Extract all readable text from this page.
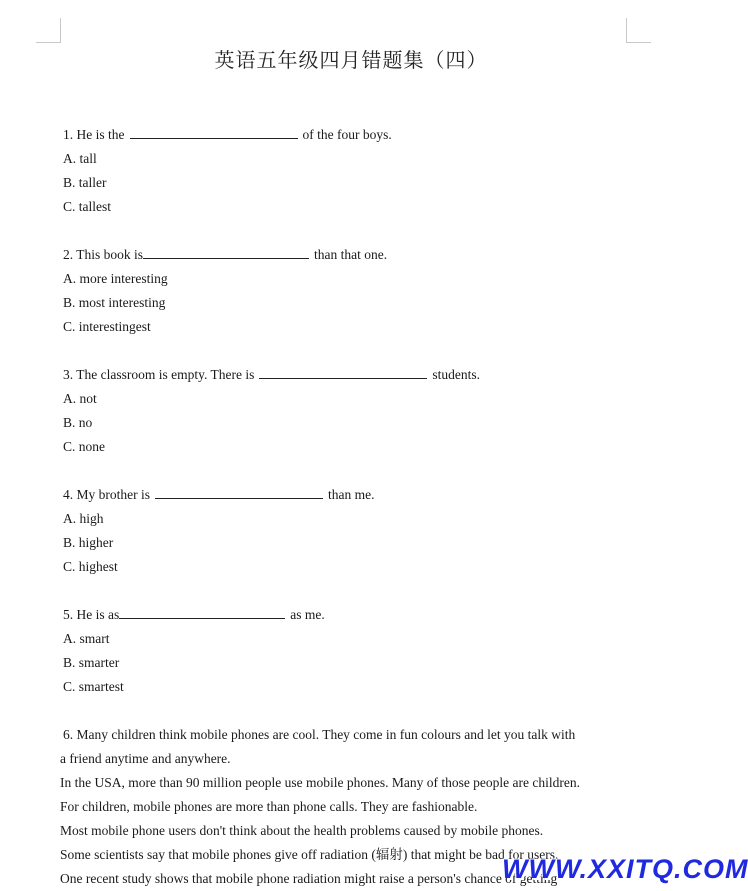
英语五年级四月错题集（四）
1. He is the	of the four boys.
A. tall
B. taller
C. tallest
2. This book is	than that one.
A. more interesting
B. most interesting
C. interestingest
3. The classroom is empty. There is	students.
A. not
B. no
C. none
4. My brother is	than me.
A. high
B. higher
C. highest
5. He is as	as me.
A. smart
B. smarter
C. smartest
6. Many children think mobile phones are cool. They come in fun colours and let you talk with
a friend anytime and anywhere.
In the USA, more than 90 million people use mobile phones. Many of those people are children.
For children, mobile phones are more than phone calls. They are fashionable.
Most mobile phone users don't think about the health problems caused by mobile phones.
Some scientists say that mobile phones give off radiation (辐射) that might be bad for users.
One recent study shows that mobile phone radiation might raise a person's chance of getting
WWW.XXITQ.COM
